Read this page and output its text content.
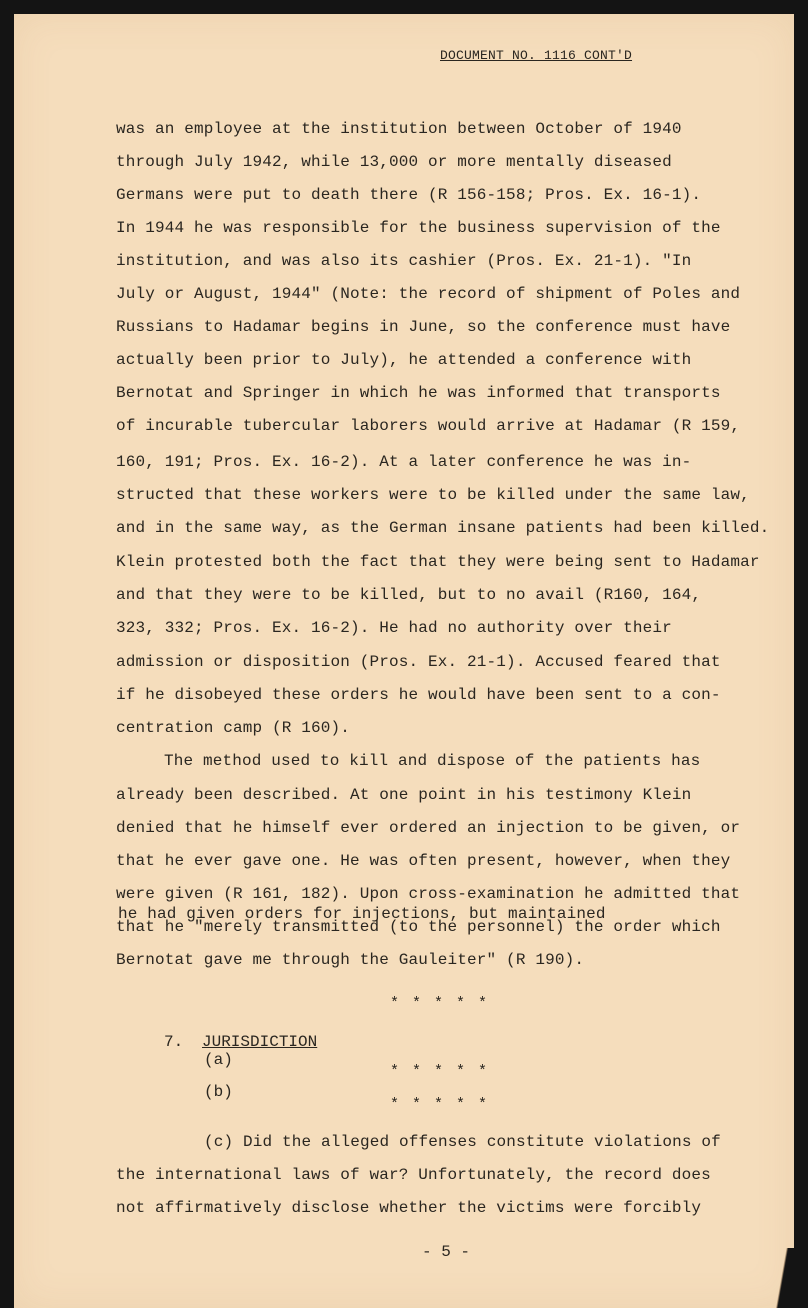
DOCUMENT NO. 1116 CONT'D
was an employee at the institution between October of 1940
through July 1942, while 13,000 or more mentally diseased
Germans were put to death there (R 156-158; Pros. Ex. 16-1).
In 1944 he was responsible for the business supervision of the
institution, and was also its cashier (Pros. Ex. 21-1). "In
July or August, 1944" (Note: the record of shipment of Poles and
Russians to Hadamar begins in June, so the conference must have
actually been prior to July), he attended a conference with
Bernotat and Springer in which he was informed that transports
of incurable tubercular laborers would arrive at Hadamar (R 159,
160, 191; Pros. Ex. 16-2). At a later conference he was in-
structed that these workers were to be killed under the same law,
and in the same way, as the German insane patients had been killed.
Klein protested both the fact that they were being sent to Hadamar
and that they were to be killed, but to no avail (R160, 164,
323, 332; Pros. Ex. 16-2). He had no authority over their
admission or disposition (Pros. Ex. 21-1). Accused feared that
if he disobeyed these orders he would have been sent to a con-
centration camp (R 160).
The method used to kill and dispose of the patients has
already been described. At one point in his testimony Klein
denied that he himself ever ordered an injection to be given, or
that he ever gave one. He was often present, however, when they
were given (R 161, 182). Upon cross-examination he admitted that
he had given orders for injections, but maintained
that he "merely transmitted (to the personnel) the order which
Bernotat gave me through the Gauleiter" (R 190).
* * * * *
7. JURISDICTION
(a)
* * * * *
(b)
* * * * *
(c) Did the alleged offenses constitute violations of
the international laws of war? Unfortunately, the record does
not affirmatively disclose whether the victims were forcibly
- 5 -
